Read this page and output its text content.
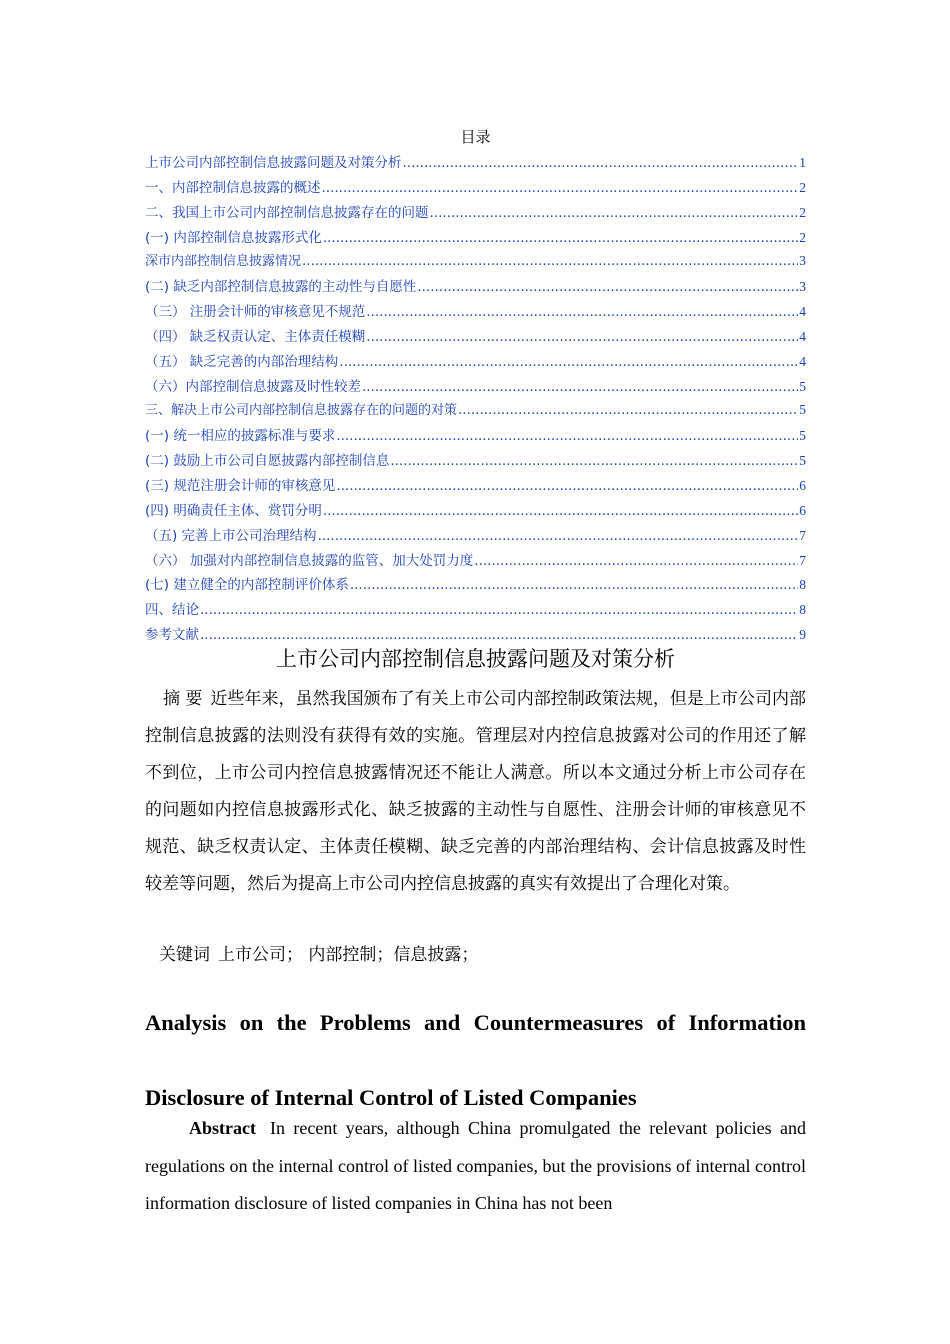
目录
上市公司内部控制信息披露问题及对策分析 .....	1
一、内部控制信息披露的概述 .....	2
二、我国上市公司内部控制信息披露存在的问题 .....	2
(一) 内部控制信息披露形式化 .....	2
深市内部控制信息披露情况 .....	3
(二) 缺乏内部控制信息披露的主动性与自愿性 .....	3
（三） 注册会计师的审核意见不规范 .....	4
（四） 缺乏权责认定、主体责任模糊 .....	4
（五） 缺乏完善的内部治理结构 .....	4
（六）内部控制信息披露及时性较差 .....	5
三、解决上市公司内部控制信息披露存在的问题的对策 .....	5
(一) 统一相应的披露标准与要求 .....	5
(二) 鼓励上市公司自愿披露内部控制信息 .....	5
(三) 规范注册会计师的审核意见 .....	6
(四) 明确责任主体、赏罚分明 .....	6
（五) 完善上市公司治理结构 .....	7
（六） 加强对内部控制信息披露的监管、加大处罚力度 .....	7
(七) 建立健全的内部控制评价体系 .....	8
四、结论 .....	8
参考文献 .....	9
上市公司内部控制信息披露问题及对策分析
摘 要 近些年来，虽然我国颁布了有关上市公司内部控制政策法规，但是上市公司内部控制信息披露的法则没有获得有效的实施。管理层对内控信息披露对公司的作用还了解不到位，上市公司内控信息披露情况还不能让人满意。所以本文通过分析上市公司存在的问题如内控信息披露形式化、缺乏披露的主动性与自愿性、注册会计师的审核意见不规范、缺乏权责认定、主体责任模糊、缺乏完善的内部治理结构、会计信息披露及时性较差等问题，然后为提高上市公司内控信息披露的真实有效提出了合理化对策。
关键词 上市公司； 内部控制；信息披露；
Analysis on the Problems and Countermeasures of Information Disclosure of Internal Control of Listed Companies
Abstract In recent years, although China promulgated the relevant policies and regulations on the internal control of listed companies, but the provisions of internal control information disclosure of listed companies in China has not been
